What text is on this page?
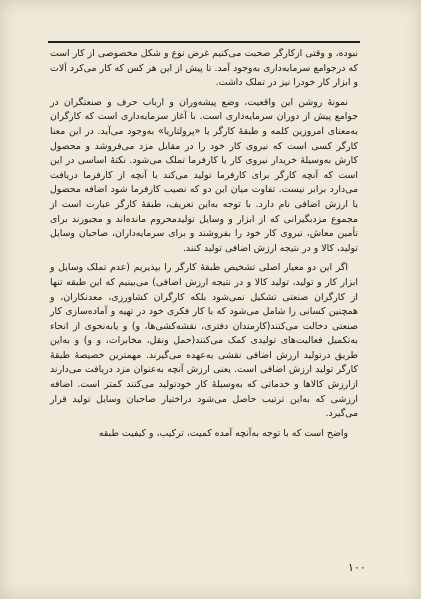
نبوده، و وقتی ازکارگر صحبت می‌کنیم غرض نوع و شکل مخصوصی از کار است که درجوامع سرمایه‌داری به‌وجود آمد. تا پیش از این هر کس که کار می‌کرد آلات و ابزار کار خودرا نیز در تملک داشت.

نمونهٔ روشن این واقعیت، وضع پیشه‌وران و ارباب حرف و صنعتگران در جوامع پیش از دوران سرمایه‌داری است. با آغاز سرمایه‌داری است که کارگران به‌معنای امروزین کلمه و طبقهٔ کارگر یا «پرولتاریا» به‌وجود می‌آید. در این معنا کارگر کسی است که نیروی کار خود را در مقابل مزد می‌فروشد و محصول کارش به‌وسیلهٔ خریدار نیروی کار یا کارفرما تملک می‌شود. نکتهٔ اساسی در این است که آنچه کارگر برای کارفرما تولید می‌کند با آنچه از کارفرما دریافت می‌دارد برابر نیست. تفاوت میان این دو که نصیب کارفرما شود اضافه محصول یا ارزش اضافی نام دارد. با توجه به‌این تعریف، طبقهٔ کارگر عبارت است از مجموع مزدبگیرانی که از ابزار و وسایل تولیدمحروم مانده‌اند و مجبورند برای تأمین معاش، نیروی کار خود را بفروشند و برای سرمایه‌داران، صاحبان وسایل تولید، کالا و در نتیجه ارزش اضافی تولید کنند.

اگر این دو معیار اصلی تشخیص طبقهٔ کارگر را بپذیریم (عدم تملک وسایل و ابزار کار و تولید، تولید کالا و در نتیجه ارزش اضافی) می‌بینیم که این طبقه تنها از کارگران صنعتی تشکیل نمی‌شود بلکه کارگران کشاورزی، معدنکاران، و همچنین کسانی را شامل می‌شود که با کار فکری خود در تهیه و آماده‌سازی کار صنعتی دخالت می‌کنند(کارمندان دفتری، نقشه‌کشی‌ها، و) و یابه‌نحوی از انحاء به‌تکمیل فعالیت‌های تولیدی کمک می‌کنند(حمل ونقل، مخابرات، و و) و به‌این طریق درتولید ارزش اضافی نقشی به‌عهده می‌گیرند. مهمترین خصیصهٔ طبقهٔ کارگر تولید ارزش اضافی است. یعنی ارزش آنچه به‌عنوان مزد دریافت می‌دارند ازارزش کالاها و خدماتی که به‌وسیلهٔ کار خودتولید می‌کنند کمتر است. اضافه ارزشی که به‌این ترتیب حاصل می‌شود دراختیار صاحبان وسایل تولید قرار می‌گیرد.

واضح است که با توجه به‌آنچه آمده کمیت، ترکیب، و کیفیت طبقه

۱۰۰
